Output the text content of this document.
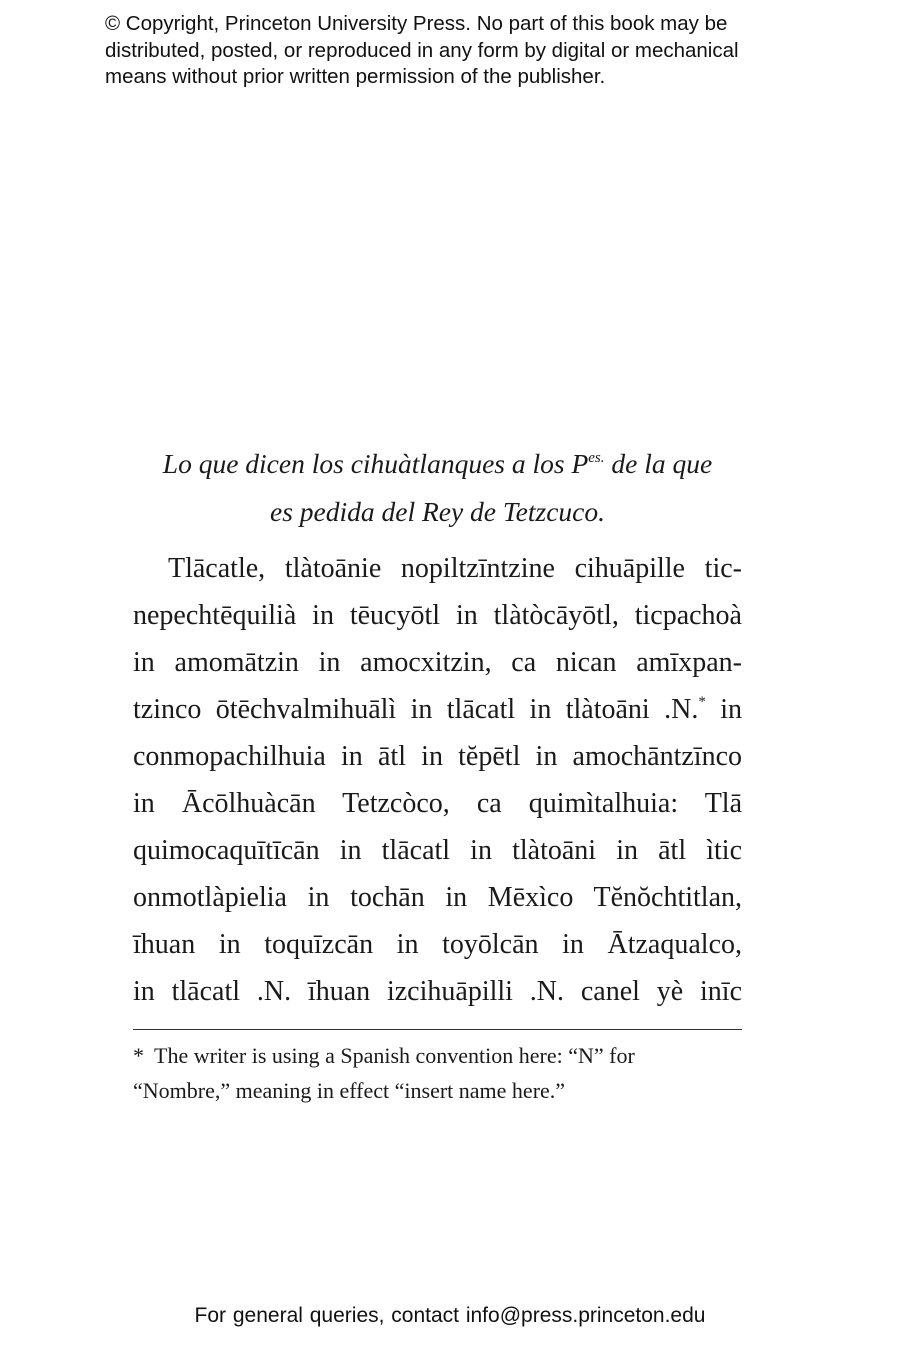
© Copyright, Princeton University Press. No part of this book may be
distributed, posted, or reproduced in any form by digital or mechanical
means without prior written permission of the publisher.
Lo que dicen los cihuàtlanques a los $P^{es.}$ de la que
es pedida del Rey de Tetzcuco.
Tlācatle, tlàtoānie nopiltzīntzine cihuāpille tic-
nepechtēquilià in tēucyōtl in tlàtòcāyōtl, ticpachoà
in amomātzin in amocxitzin, ca nican amīxpan-
tzinco ōtēchvalmihuālì in tlācatl in tlàtoāni .N.* in
conmopachilhuia in ātl in tĕpētl in amochāntzīnco
in Ācōlhuàcān Tetzcòco, ca quimìtalhuia: Tlā
quimocaquītīcān in tlācatl in tlàtoāni in ātl ìtic
onmotlàpielia in tochān in Mēxìco Tĕnŏchtitlan,
īhuan in toquīzcān in toyōlcān in Ātzaqualco,
in tlācatl .N. īhuan izcihuāpilli .N. canel yè inīc
* The writer is using a Spanish convention here: “N” for
“Nombre,” meaning in effect “insert name here.”
For general queries, contact info@press.princeton.edu
